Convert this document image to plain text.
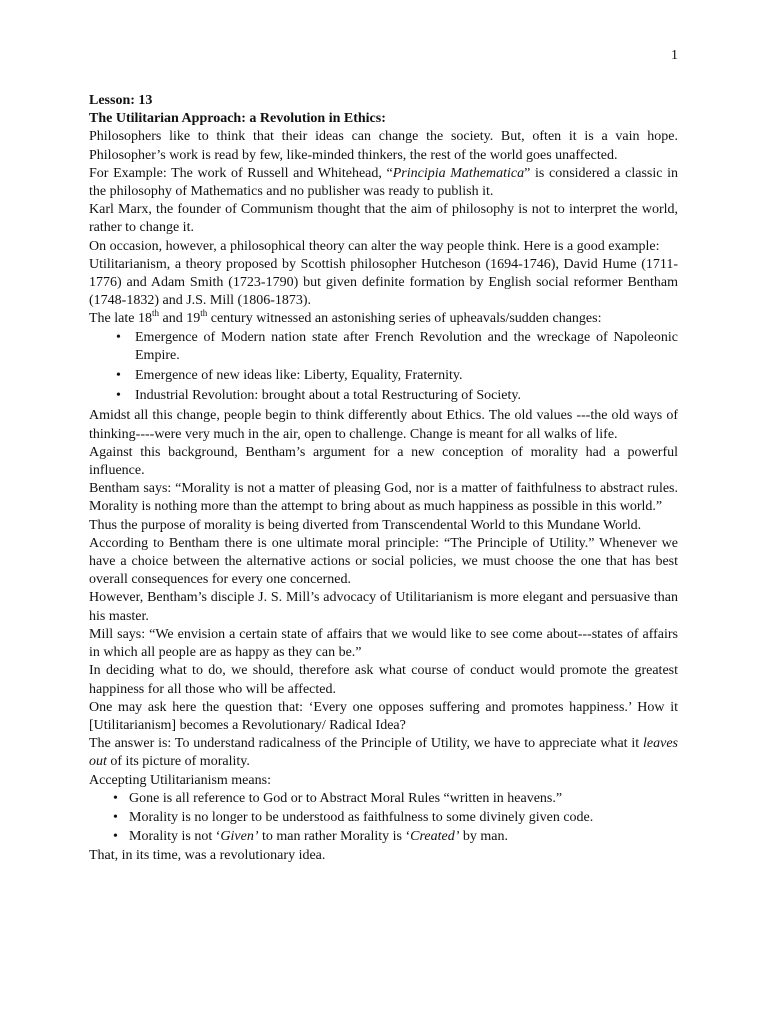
1

Lesson: 13

The Utilitarian Approach: a Revolution in Ethics:

Philosophers like to think that their ideas can change the society. But, often it is a vain hope. Philosopher’s work is read by few, like-minded thinkers, the rest of the world goes unaffected.

For Example: The work of Russell and Whitehead, “Principia Mathematica” is considered a classic in the philosophy of Mathematics and no publisher was ready to publish it.

Karl Marx, the founder of Communism thought that the aim of philosophy is not to interpret the world, rather to change it.

On occasion, however, a philosophical theory can alter the way people think. Here is a good example:

Utilitarianism, a theory proposed by Scottish philosopher Hutcheson (1694-1746), David Hume (1711-1776) and Adam Smith (1723-1790) but given definite formation by English social reformer Bentham (1748-1832) and J.S. Mill (1806-1873).

The late 18th and 19th century witnessed an astonishing series of upheavals/sudden changes:

• Emergence of Modern nation state after French Revolution and the wreckage of Napoleonic Empire.
• Emergence of new ideas like: Liberty, Equality, Fraternity.
• Industrial Revolution: brought about a total Restructuring of Society.

Amidst all this change, people begin to think differently about Ethics. The old values ---the old ways of thinking----were very much in the air, open to challenge. Change is meant for all walks of life.

Against this background, Bentham’s argument for a new conception of morality had a powerful influence.

Bentham says: “Morality is not a matter of pleasing God, nor is a matter of faithfulness to abstract rules. Morality is nothing more than the attempt to bring about as much happiness as possible in this world.”

Thus the purpose of morality is being diverted from Transcendental World to this Mundane World.

According to Bentham there is one ultimate moral principle: “The Principle of Utility.” Whenever we have a choice between the alternative actions or social policies, we must choose the one that has best overall consequences for every one concerned.

However, Bentham’s disciple J. S. Mill’s advocacy of Utilitarianism is more elegant and persuasive than his master.

Mill says: “We envision a certain state of affairs that we would like to see come about---states of affairs in which all people are as happy as they can be.”

In deciding what to do, we should, therefore ask what course of conduct would promote the greatest happiness for all those who will be affected.

One may ask here the question that: ‘Every one opposes suffering and promotes happiness.’ How it [Utilitarianism] becomes a Revolutionary/ Radical Idea?

The answer is: To understand radicalness of the Principle of Utility, we have to appreciate what it leaves out of its picture of morality.

Accepting Utilitarianism means:

• Gone is all reference to God or to Abstract Moral Rules “written in heavens.”
• Morality is no longer to be understood as faithfulness to some divinely given code.
• Morality is not ‘Given’ to man rather Morality is ‘Created’ by man.

That, in its time, was a revolutionary idea.
